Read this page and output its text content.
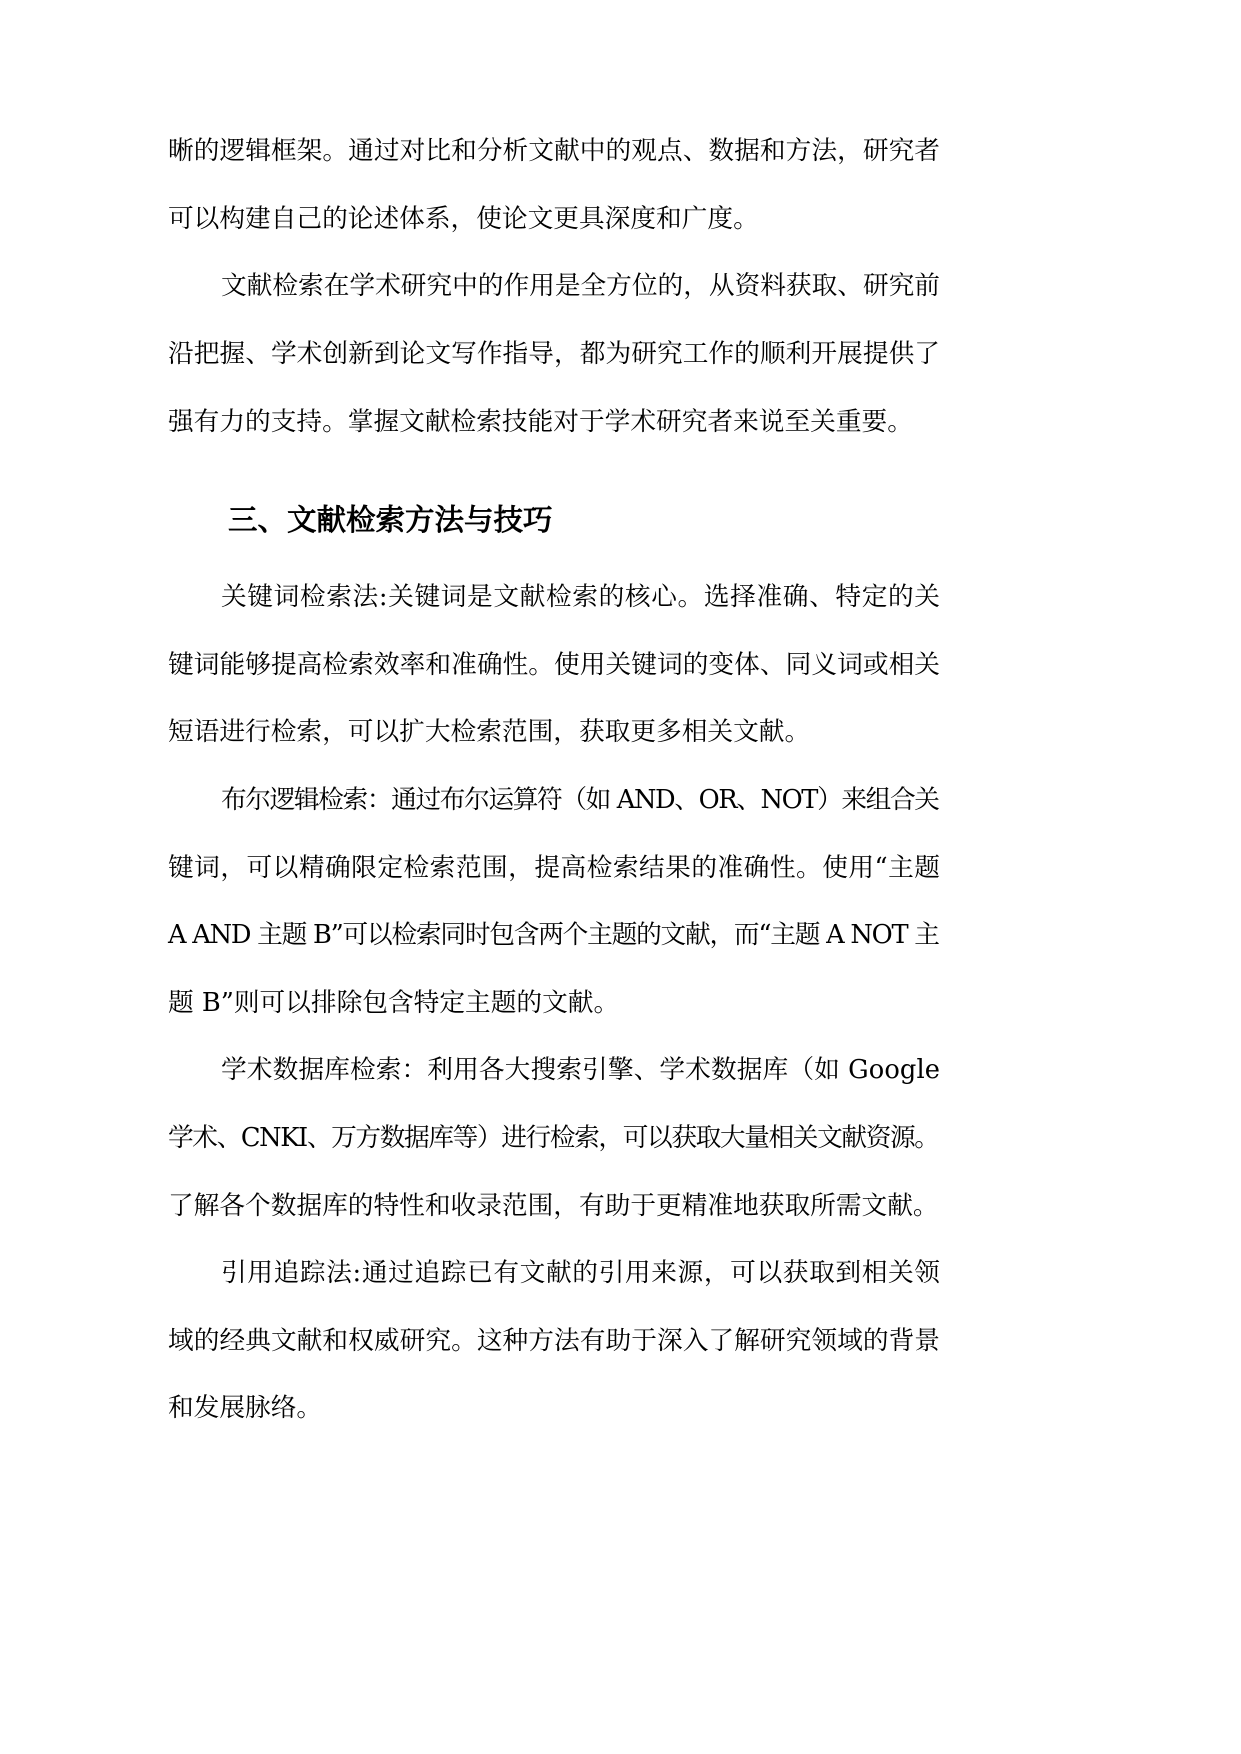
晰的逻辑框架。通过对比和分析文献中的观点、数据和方法，研究者
可以构建自己的论述体系，使论文更具深度和广度。
文献检索在学术研究中的作用是全方位的，从资料获取、研究前
沿把握、学术创新到论文写作指导，都为研究工作的顺利开展提供了
强有力的支持。掌握文献检索技能对于学术研究者来说至关重要。
三、文献检索方法与技巧
关键词检索法:关键词是文献检索的核心。选择准确、特定的关
键词能够提高检索效率和准确性。使用关键词的变体、同义词或相关
短语进行检索，可以扩大检索范围，获取更多相关文献。
布尔逻辑检索：通过布尔运算符（如 AND、OR、NOT）来组合关
键词，可以精确限定检索范围，提高检索结果的准确性。使用“主题
A AND 主题 B”可以检索同时包含两个主题的文献，而“主题 A NOT 主
题 B”则可以排除包含特定主题的文献。
学术数据库检索：利用各大搜索引擎、学术数据库（如 Google
学术、CNKI、万方数据库等）进行检索，可以获取大量相关文献资源。
了解各个数据库的特性和收录范围，有助于更精准地获取所需文献。
引用追踪法:通过追踪已有文献的引用来源，可以获取到相关领
域的经典文献和权威研究。这种方法有助于深入了解研究领域的背景
和发展脉络。
